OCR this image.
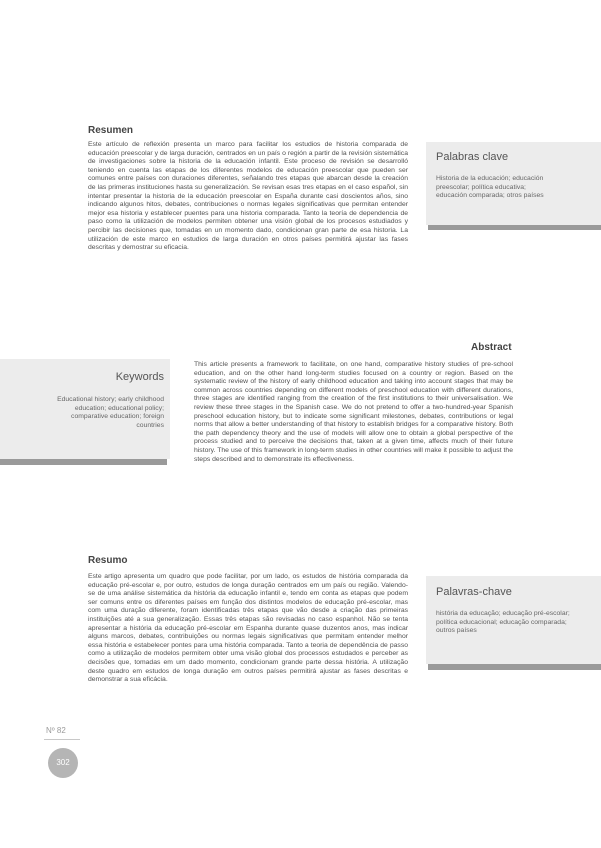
Resumen

Este artículo de reflexión presenta un marco para facilitar los estudios de historia comparada de educación preescolar y de larga duración, centrados en un país o región a partir de la revisión sistemática de investigaciones sobre la historia de la educación infantil. Este proceso de revisión se desarrolló teniendo en cuenta las etapas de los diferentes modelos de educación preescolar que pueden ser comunes entre países con duraciones diferentes, señalando tres etapas que abarcan desde la creación de las primeras instituciones hasta su generalización. Se revisan esas tres etapas en el caso español, sin intentar presentar la historia de la educación preescolar en España durante casi doscientos años, sino indicando algunos hitos, debates, contribuciones o normas legales significativas que permitan entender mejor esa historia y establecer puentes para una historia comparada. Tanto la teoría de dependencia de paso como la utilización de modelos permiten obtener una visión global de los procesos estudiados y percibir las decisiones que, tomadas en un momento dado, condicionan gran parte de esa historia. La utilización de este marco en estudios de larga duración en otros países permitirá ajustar las fases descritas y demostrar su eficacia.

Palabras clave

Historia de la educación; educación preescolar; política educativa; educación comparada; otros países

Abstract

This article presents a framework to facilitate, on one hand, comparative history studies of pre-school education, and on the other hand long-term studies focused on a country or region. Based on the systematic review of the history of early childhood education and taking into account stages that may be common across countries depending on different models of preschool education with different durations, three stages are identified ranging from the creation of the first institutions to their universalisation. We review these three stages in the Spanish case. We do not pretend to offer a two-hundred-year Spanish preschool education history, but to indicate some significant milestones, debates, contributions or legal norms that allow a better understanding of that history to establish bridges for a comparative history. Both the path dependency theory and the use of models will allow one to obtain a global perspective of the process studied and to perceive the decisions that, taken at a given time, affects much of their future history. The use of this framework in long-term studies in other countries will make it possible to adjust the steps described and to demonstrate its effectiveness.

Keywords

Educational history; early childhood education; educational policy; comparative education; foreign countries

Resumo

Este artigo apresenta um quadro que pode facilitar, por um lado, os estudos de história comparada da educação pré-escolar e, por outro, estudos de longa duração centrados em um país ou região. Valendo-se de uma análise sistemática da história da educação infantil e, tendo em conta as etapas que podem ser comuns entre os diferentes países em função dos distintos modelos de educação pré-escolar, mas com uma duração diferente, foram identificadas três etapas que vão desde a criação das primeiras instituições até a sua generalização. Essas três etapas são revisadas no caso espanhol. Não se tenta apresentar a história da educação pré-escolar em Espanha durante quase duzentos anos, mas indicar alguns marcos, debates, contribuições ou normas legais significativas que permitam entender melhor essa história e estabelecer pontes para uma história comparada. Tanto a teoria de dependência de passo como a utilização de modelos permitem obter uma visão global dos processos estudados e perceber as decisões que, tomadas em um dado momento, condicionam grande parte dessa história. A utilização deste quadro em estudos de longa duração em outros países permitirá ajustar as fases descritas e demonstrar a sua eficácia.

Palavras-chave

história da educação; educação pré-escolar; política educacional; educação comparada; outros países

Nº 82
302
